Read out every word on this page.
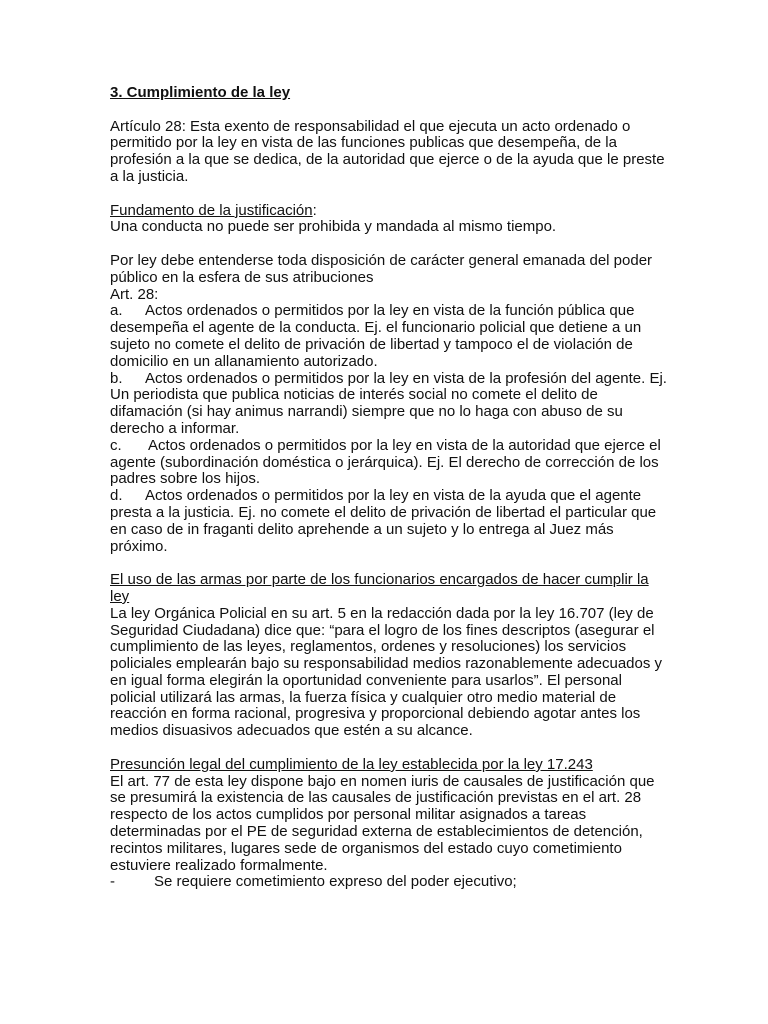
3. Cumplimiento de la ley

Artículo 28: Esta exento de responsabilidad el que ejecuta un acto ordenado o permitido por la ley en vista de las funciones publicas que desempeña, de la profesión a la que se dedica, de la autoridad que ejerce o de la ayuda que le preste a la justicia.

Fundamento de la justificación:

Una conducta no puede ser prohibida y mandada al mismo tiempo.

Por ley debe entenderse toda disposición de carácter general emanada del poder público en la esfera de sus atribuciones

Art. 28:

a. Actos ordenados o permitidos por la ley en vista de la función pública que desempeña el agente de la conducta. Ej. el funcionario policial que detiene a un sujeto no comete el delito de privación de libertad y tampoco el de violación de domicilio en un allanamiento autorizado.

b. Actos ordenados o permitidos por la ley en vista de la profesión del agente. Ej. Un periodista que publica noticias de interés social no comete el delito de difamación (si hay animus narrandi) siempre que no lo haga con abuso de su derecho a informar.

c. Actos ordenados o permitidos por la ley en vista de la autoridad que ejerce el agente (subordinación doméstica o jerárquica). Ej. El derecho de corrección de los padres sobre los hijos.

d. Actos ordenados o permitidos por la ley en vista de la ayuda que el agente presta a la justicia. Ej. no comete el delito de privación de libertad el particular que en caso de in fraganti delito aprehende a un sujeto y lo entrega al Juez más próximo.

El uso de las armas por parte de los funcionarios encargados de hacer cumplir la ley

La ley Orgánica Policial en su art. 5 en la redacción dada por la ley 16.707 (ley de Seguridad Ciudadana) dice que: “para el logro de los fines descriptos (asegurar el cumplimiento de las leyes, reglamentos, ordenes y resoluciones) los servicios policiales emplearán bajo su responsabilidad medios razonablemente adecuados y en igual forma elegirán la oportunidad conveniente para usarlos”. El personal policial utilizará las armas, la fuerza física y cualquier otro medio material de reacción en forma racional, progresiva y proporcional debiendo agotar antes los medios disuasivos adecuados que estén a su alcance.

Presunción legal del cumplimiento de la ley establecida por la ley 17.243

El art. 77 de esta ley dispone bajo en nomen iuris de causales de justificación que se presumirá la existencia de las causales de justificación previstas en el art. 28 respecto de los actos cumplidos por personal militar asignados a tareas determinadas por el PE de seguridad externa de establecimientos de detención, recintos militares, lugares sede de organismos del estado cuyo cometimiento estuviere realizado formalmente.

-	Se requiere cometimiento expreso del poder ejecutivo;
